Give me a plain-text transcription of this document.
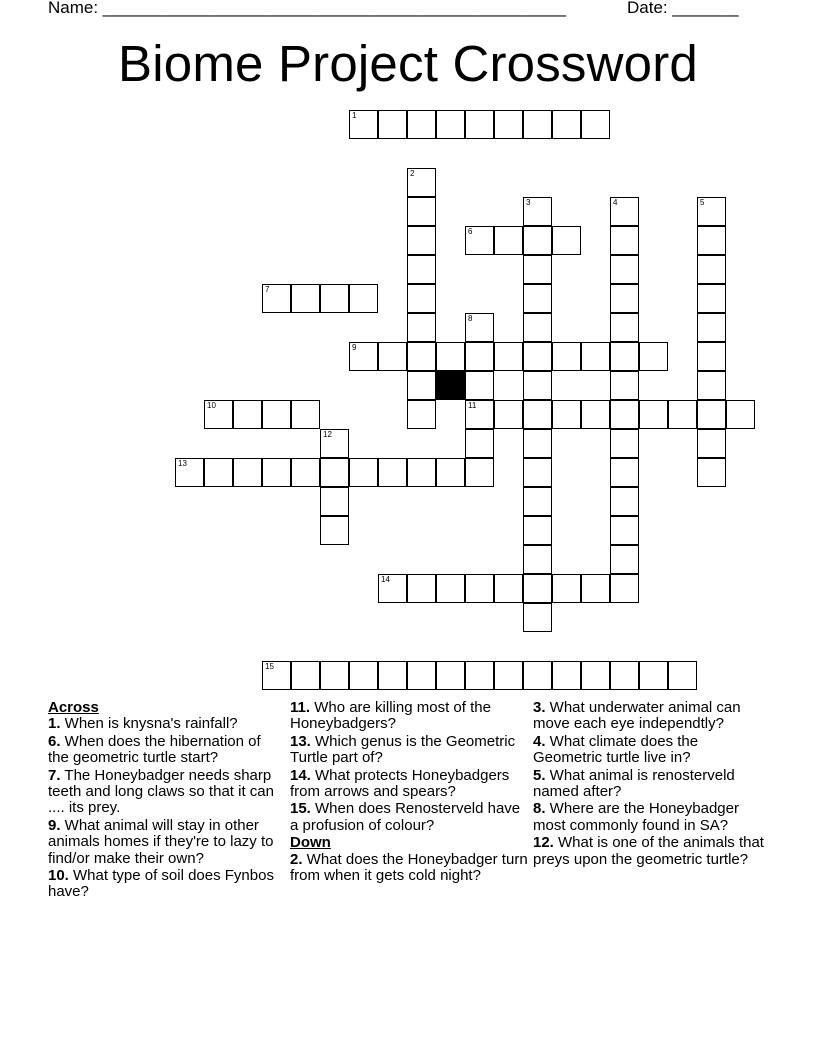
Name: _________________________________________________	Date: _______
Biome Project Crossword
1
2
3	4	5
6
7
8
11
9
10
12
13
14
15
Across
1. When is knysna's rainfall?
6. When does the hibernation of the geometric turtle start?
7. The Honeybadger needs sharp teeth and long claws so that it can .... its prey.
9. What animal will stay in other animals homes if they're to lazy to find/or make their own?
10. What type of soil does Fynbos have?
11. Who are killing most of the Honeybadgers?
13. Which genus is the Geometric Turtle part of?
14. What protects Honeybadgers from arrows and spears?
15. When does Renosterveld have a profusion of colour?
Down
2. What does the Honeybadger turn from when it gets cold night?
3. What underwater animal can move each eye independtly?
4. What climate does the Geometric turtle live in?
5. What animal is renosterveld named after?
8. Where are the Honeybadger most commonly found in SA?
12. What is one of the animals that preys upon the geometric turtle?
